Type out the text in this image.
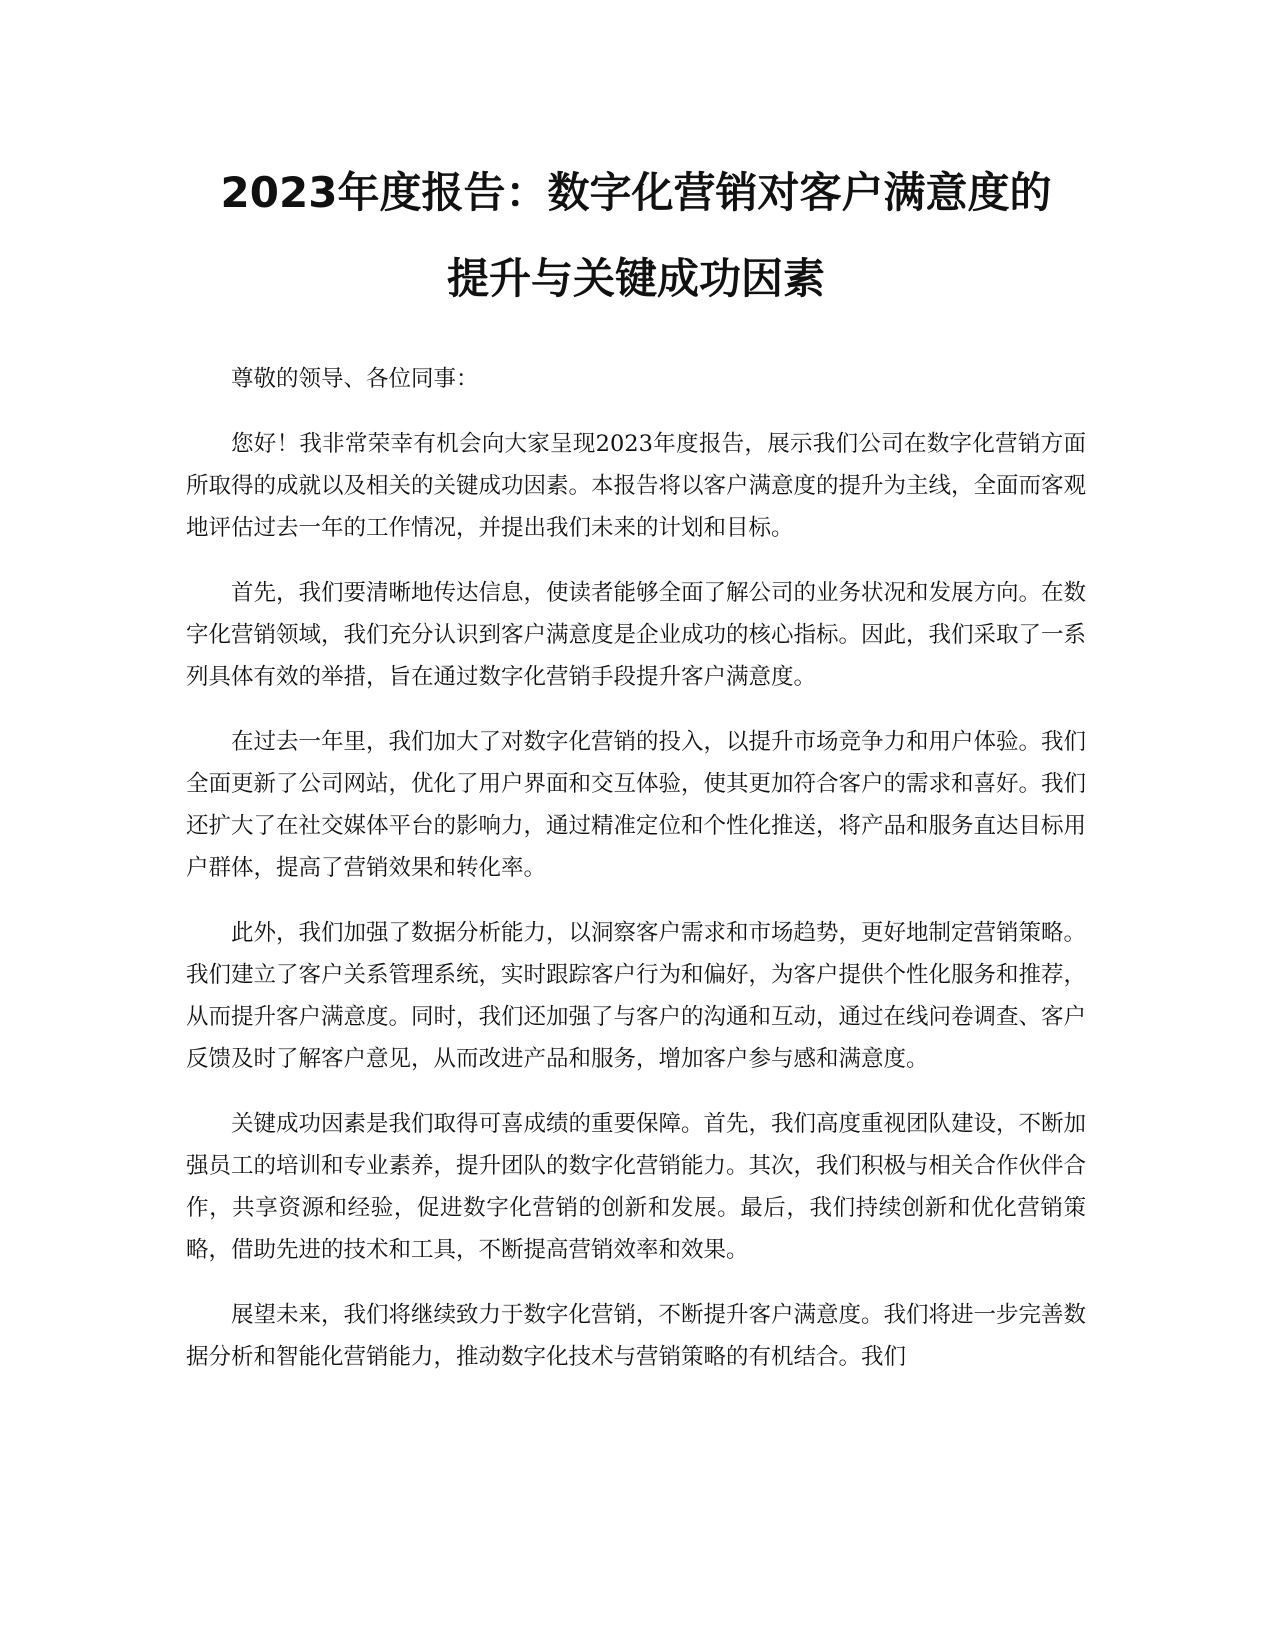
2023年度报告：数字化营销对客户满意度的
提升与关键成功因素

尊敬的领导、各位同事：

您好！我非常荣幸有机会向大家呈现2023年度报告，展示我们公司在数字化营销方面所取得的成就以及相关的关键成功因素。本报告将以客户满意度的提升为主线，全面而客观地评估过去一年的工作情况，并提出我们未来的计划和目标。

首先，我们要清晰地传达信息，使读者能够全面了解公司的业务状况和发展方向。在数字化营销领域，我们充分认识到客户满意度是企业成功的核心指标。因此，我们采取了一系列具体有效的举措，旨在通过数字化营销手段提升客户满意度。

在过去一年里，我们加大了对数字化营销的投入，以提升市场竞争力和用户体验。我们全面更新了公司网站，优化了用户界面和交互体验，使其更加符合客户的需求和喜好。我们还扩大了在社交媒体平台的影响力，通过精准定位和个性化推送，将产品和服务直达目标用户群体，提高了营销效果和转化率。

此外，我们加强了数据分析能力，以洞察客户需求和市场趋势，更好地制定营销策略。我们建立了客户关系管理系统，实时跟踪客户行为和偏好，为客户提供个性化服务和推荐，从而提升客户满意度。同时，我们还加强了与客户的沟通和互动，通过在线问卷调查、客户反馈及时了解客户意见，从而改进产品和服务，增加客户参与感和满意度。

关键成功因素是我们取得可喜成绩的重要保障。首先，我们高度重视团队建设，不断加强员工的培训和专业素养，提升团队的数字化营销能力。其次，我们积极与相关合作伙伴合作，共享资源和经验，促进数字化营销的创新和发展。最后，我们持续创新和优化营销策略，借助先进的技术和工具，不断提高营销效率和效果。

展望未来，我们将继续致力于数字化营销，不断提升客户满意度。我们将进一步完善数据分析和智能化营销能力，推动数字化技术与营销策略的有机结合。我们
